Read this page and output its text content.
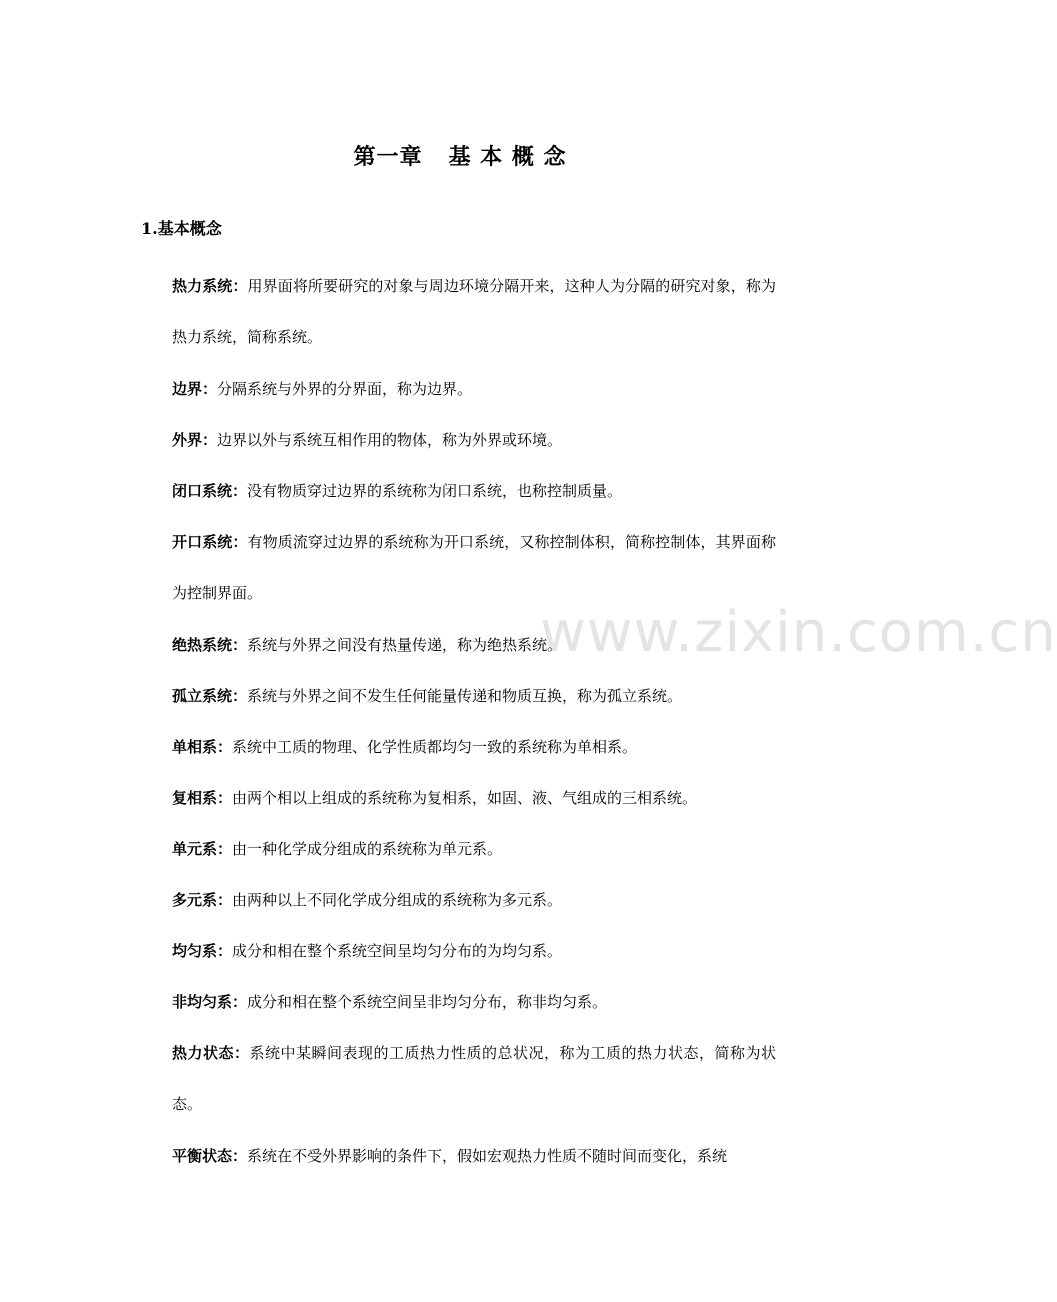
第一章 基 本 概 念
1.基本概念
www.zixin.com.cn

热力系统：用界面将所要研究的对象与周边环境分隔开来，这种人为分隔的研究对象，称为热力系统，简称系统。

边界：分隔系统与外界的分界面，称为边界。

外界：边界以外与系统互相作用的物体，称为外界或环境。

闭口系统：没有物质穿过边界的系统称为闭口系统，也称控制质量。

开口系统：有物质流穿过边界的系统称为开口系统，又称控制体积，简称控制体，其界面称为控制界面。

绝热系统：系统与外界之间没有热量传递，称为绝热系统。

孤立系统：系统与外界之间不发生任何能量传递和物质互换，称为孤立系统。

单相系：系统中工质的物理、化学性质都均匀一致的系统称为单相系。

复相系：由两个相以上组成的系统称为复相系，如固、液、气组成的三相系统。

单元系：由一种化学成分组成的系统称为单元系。

多元系：由两种以上不同化学成分组成的系统称为多元系。

均匀系：成分和相在整个系统空间呈均匀分布的为均匀系。

非均匀系：成分和相在整个系统空间呈非均匀分布，称非均匀系。

热力状态：系统中某瞬间表现的工质热力性质的总状况，称为工质的热力状态，简称为状态。

平衡状态：系统在不受外界影响的条件下，假如宏观热力性质不随时间而变化，系统
